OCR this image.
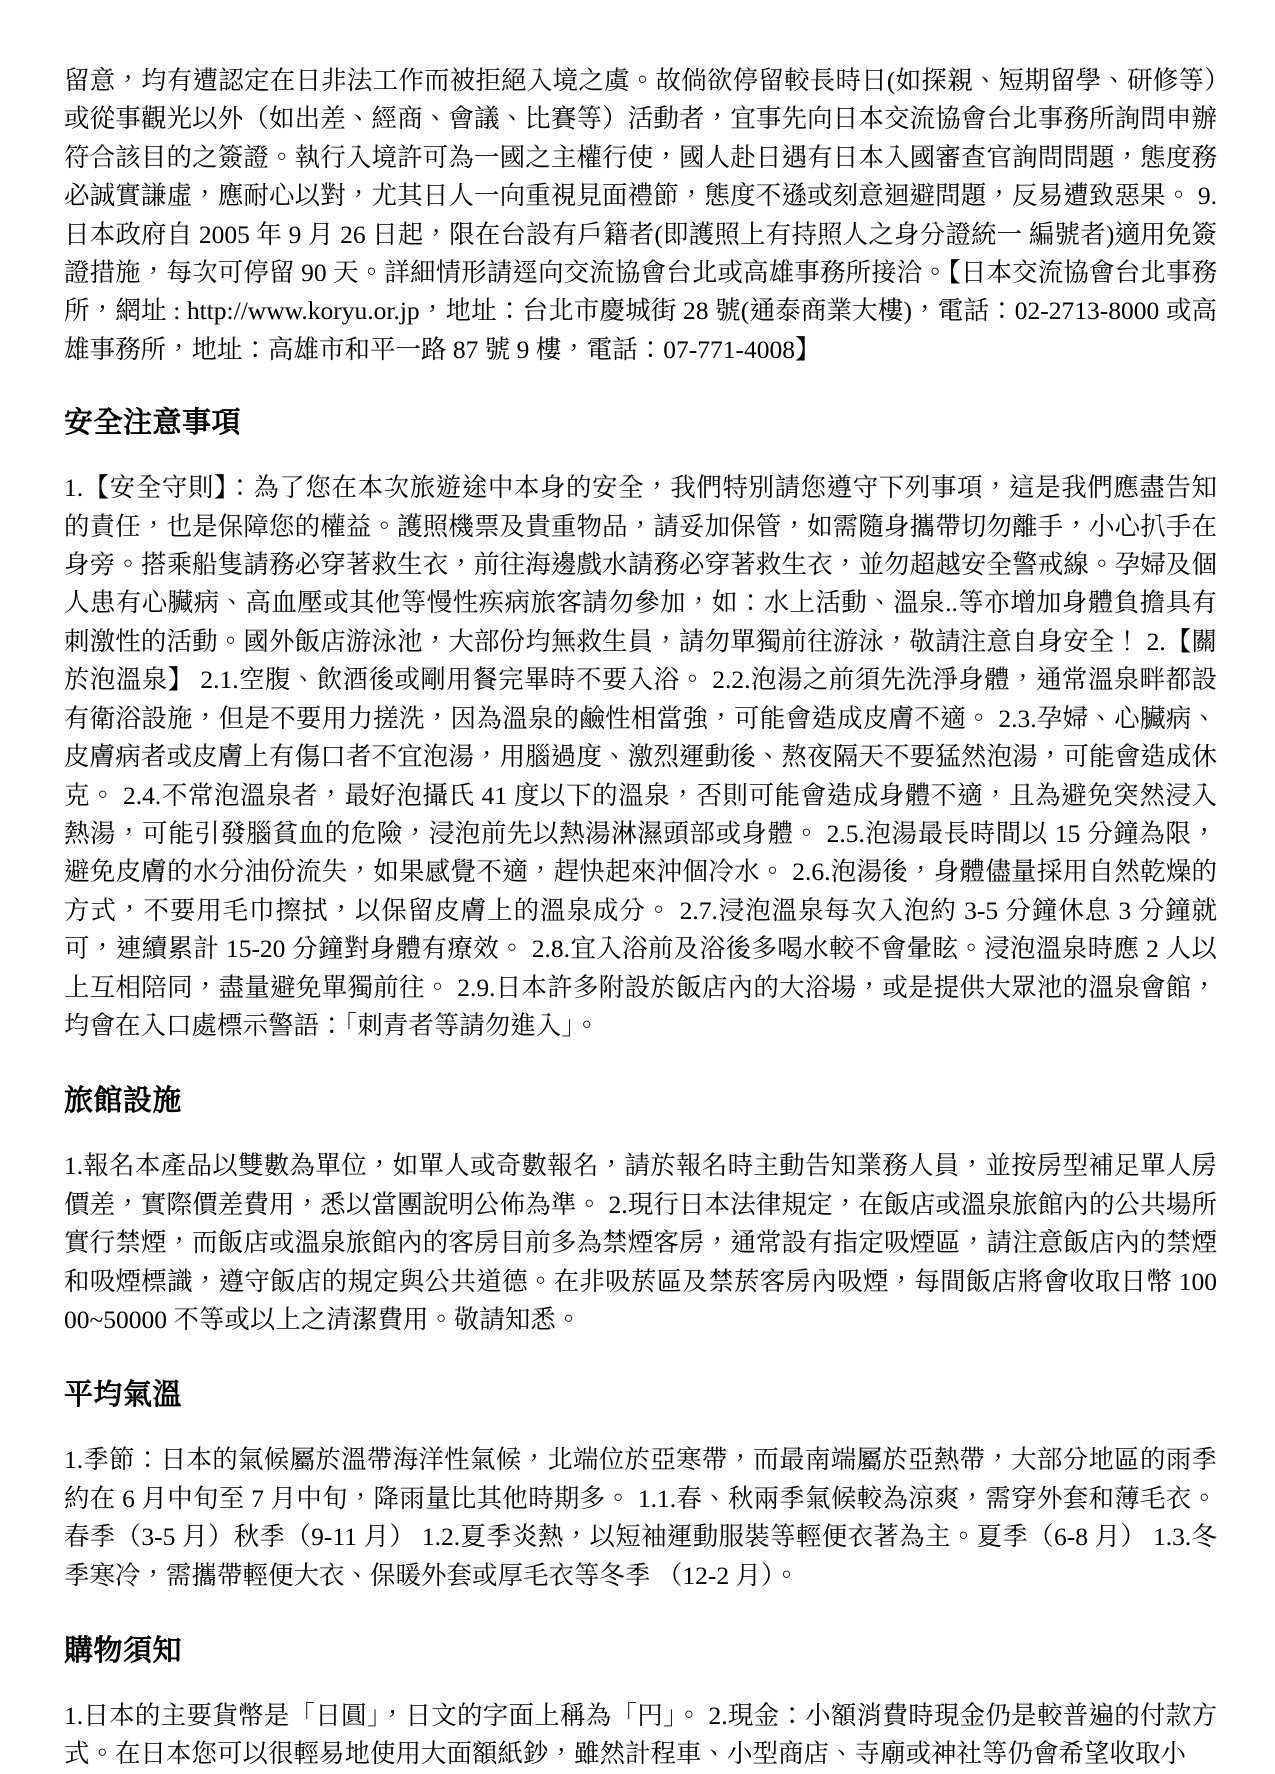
留意，均有遭認定在日非法工作而被拒絕入境之虞。故倘欲停留較長時日(如探親、短期留學、研修等）或從事觀光以外（如出差、經商、會議、比賽等）活動者，宜事先向日本交流協會台北事務所詢問申辦符合該目的之簽證。執行入境許可為一國之主權行使，國人赴日遇有日本入國審查官詢問問題，態度務必誠實謙虛，應耐心以對，尤其日人一向重視見面禮節，態度不遜或刻意迴避問題，反易遭致惡果。 9.日本政府自 2005 年 9 月 26 日起，限在台設有戶籍者(即護照上有持照人之身分證統一 編號者)適用免簽證措施，每次可停留 90 天。詳細情形請逕向交流協會台北或高雄事務所接洽。【日本交流協會台北事務所，網址 : http://www.koryu.or.jp，地址：台北市慶城街 28 號(通泰商業大樓)，電話：02-2713-8000 或高雄事務所，地址：高雄市和平一路 87 號 9 樓，電話：07-771-4008】

安全注意事項

1.【安全守則】：為了您在本次旅遊途中本身的安全，我們特別請您遵守下列事項，這是我們應盡告知的責任，也是保障您的權益。護照機票及貴重物品，請妥加保管，如需隨身攜帶切勿離手，小心扒手在身旁。搭乘船隻請務必穿著救生衣，前往海邊戲水請務必穿著救生衣，並勿超越安全警戒線。孕婦及個人患有心臟病、高血壓或其他等慢性疾病旅客請勿參加，如：水上活動、溫泉..等亦增加身體負擔具有刺激性的活動。國外飯店游泳池，大部份均無救生員，請勿單獨前往游泳，敬請注意自身安全！ 2.【關於泡溫泉】 2.1.空腹、飲酒後或剛用餐完畢時不要入浴。 2.2.泡湯之前須先洗淨身體，通常溫泉畔都設有衛浴設施，但是不要用力搓洗，因為溫泉的鹼性相當強，可能會造成皮膚不適。 2.3.孕婦、心臟病、皮膚病者或皮膚上有傷口者不宜泡湯，用腦過度、激烈運動後、熬夜隔天不要猛然泡湯，可能會造成休克。 2.4.不常泡溫泉者，最好泡攝氏 41 度以下的溫泉，否則可能會造成身體不適，且為避免突然浸入熱湯，可能引發腦貧血的危險，浸泡前先以熱湯淋濕頭部或身體。 2.5.泡湯最長時間以 15 分鐘為限，避免皮膚的水分油份流失，如果感覺不適，趕快起來沖個冷水。 2.6.泡湯後，身體儘量採用自然乾燥的方式，不要用毛巾擦拭，以保留皮膚上的溫泉成分。 2.7.浸泡溫泉每次入泡約 3-5 分鐘休息 3 分鐘就可，連續累計 15-20 分鐘對身體有療效。 2.8.宜入浴前及浴後多喝水較不會暈眩。浸泡溫泉時應 2 人以上互相陪同，盡量避免單獨前往。 2.9.日本許多附設於飯店內的大浴場，或是提供大眾池的溫泉會館，均會在入口處標示警語：「刺青者等請勿進入」。

旅館設施

1.報名本產品以雙數為單位，如單人或奇數報名，請於報名時主動告知業務人員，並按房型補足單人房價差，實際價差費用，悉以當團說明公佈為準。 2.現行日本法律規定，在飯店或溫泉旅館內的公共場所實行禁煙，而飯店或溫泉旅館內的客房目前多為禁煙客房，通常設有指定吸煙區，請注意飯店內的禁煙和吸煙標識，遵守飯店的規定與公共道德。在非吸菸區及禁菸客房內吸煙，每間飯店將會收取日幣 10000~50000 不等或以上之清潔費用。敬請知悉。

平均氣溫

1.季節：日本的氣候屬於溫帶海洋性氣候，北端位於亞寒帶，而最南端屬於亞熱帶，大部分地區的雨季約在 6 月中旬至 7 月中旬，降雨量比其他時期多。 1.1.春、秋兩季氣候較為涼爽，需穿外套和薄毛衣。春季（3-5 月）秋季（9-11 月） 1.2.夏季炎熱，以短袖運動服裝等輕便衣著為主。夏季（6-8 月） 1.3.冬季寒冷，需攜帶輕便大衣、保暖外套或厚毛衣等冬季 （12-2 月）。

購物須知

1.日本的主要貨幣是「日圓」，日文的字面上稱為「円」。 2.現金：小額消費時現金仍是較普遍的付款方式。在日本您可以很輕易地使用大面額紙鈔，雖然計程車、小型商店、寺廟或神社等仍會希望收取小
